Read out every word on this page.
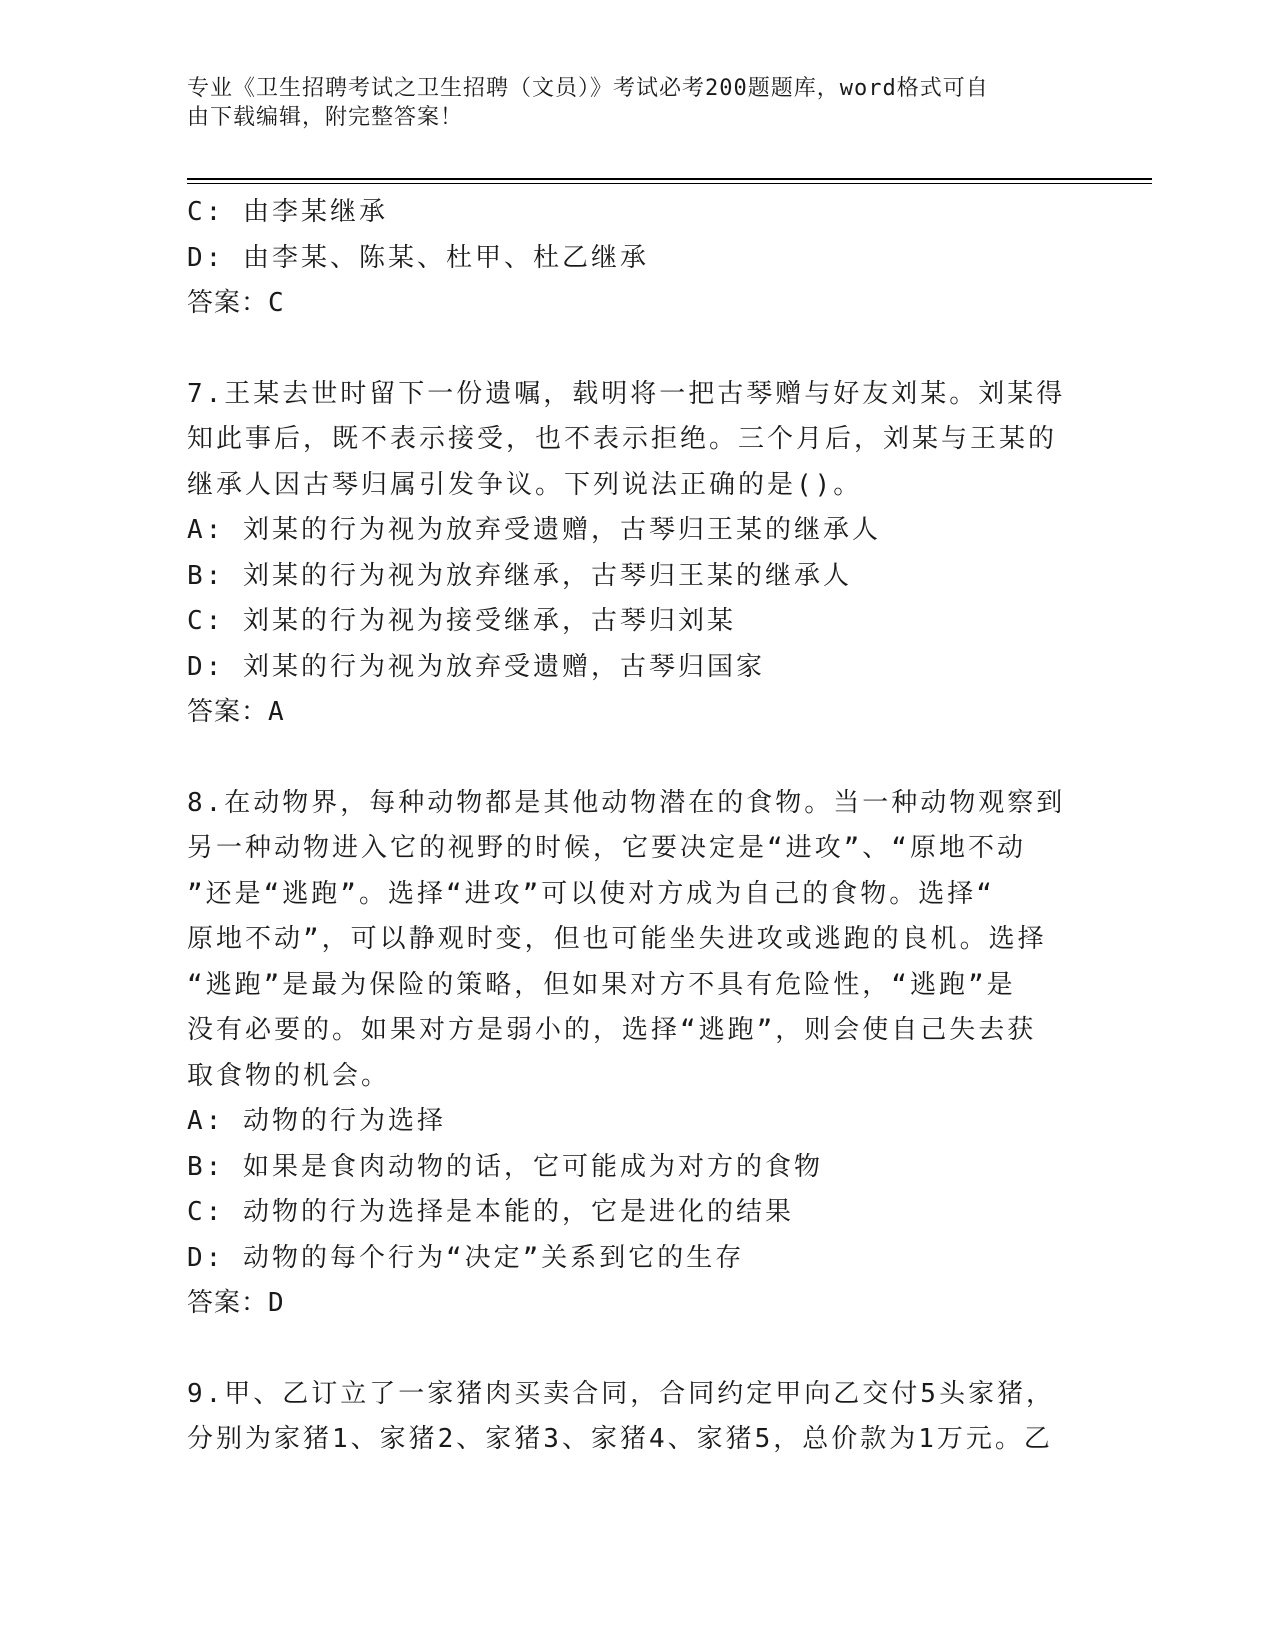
专业《卫生招聘考试之卫生招聘（文员）》考试必考200题题库，word格式可自
由下载编辑，附完整答案！
C: 由李某继承
D: 由李某、陈某、杜甲、杜乙继承
答案：C
7.王某去世时留下一份遗嘱，载明将一把古琴赠与好友刘某。刘某得
知此事后，既不表示接受，也不表示拒绝。三个月后，刘某与王某的
继承人因古琴归属引发争议。下列说法正确的是()。
A: 刘某的行为视为放弃受遗赠，古琴归王某的继承人
B: 刘某的行为视为放弃继承，古琴归王某的继承人
C: 刘某的行为视为接受继承，古琴归刘某
D: 刘某的行为视为放弃受遗赠，古琴归国家
答案：A
8.在动物界，每种动物都是其他动物潜在的食物。当一种动物观察到
另一种动物进入它的视野的时候，它要决定是“进攻”、“原地不动
”还是“逃跑”。选择“进攻”可以使对方成为自己的食物。选择“
原地不动”，可以静观时变，但也可能坐失进攻或逃跑的良机。选择
“逃跑”是最为保险的策略，但如果对方不具有危险性，“逃跑”是
没有必要的。如果对方是弱小的，选择“逃跑”，则会使自己失去获
取食物的机会。
A: 动物的行为选择
B: 如果是食肉动物的话，它可能成为对方的食物
C: 动物的行为选择是本能的，它是进化的结果
D: 动物的每个行为“决定”关系到它的生存
答案：D
9.甲、乙订立了一家猪肉买卖合同，合同约定甲向乙交付5头家猪，
分别为家猪1、家猪2、家猪3、家猪4、家猪5，总价款为1万元。乙
